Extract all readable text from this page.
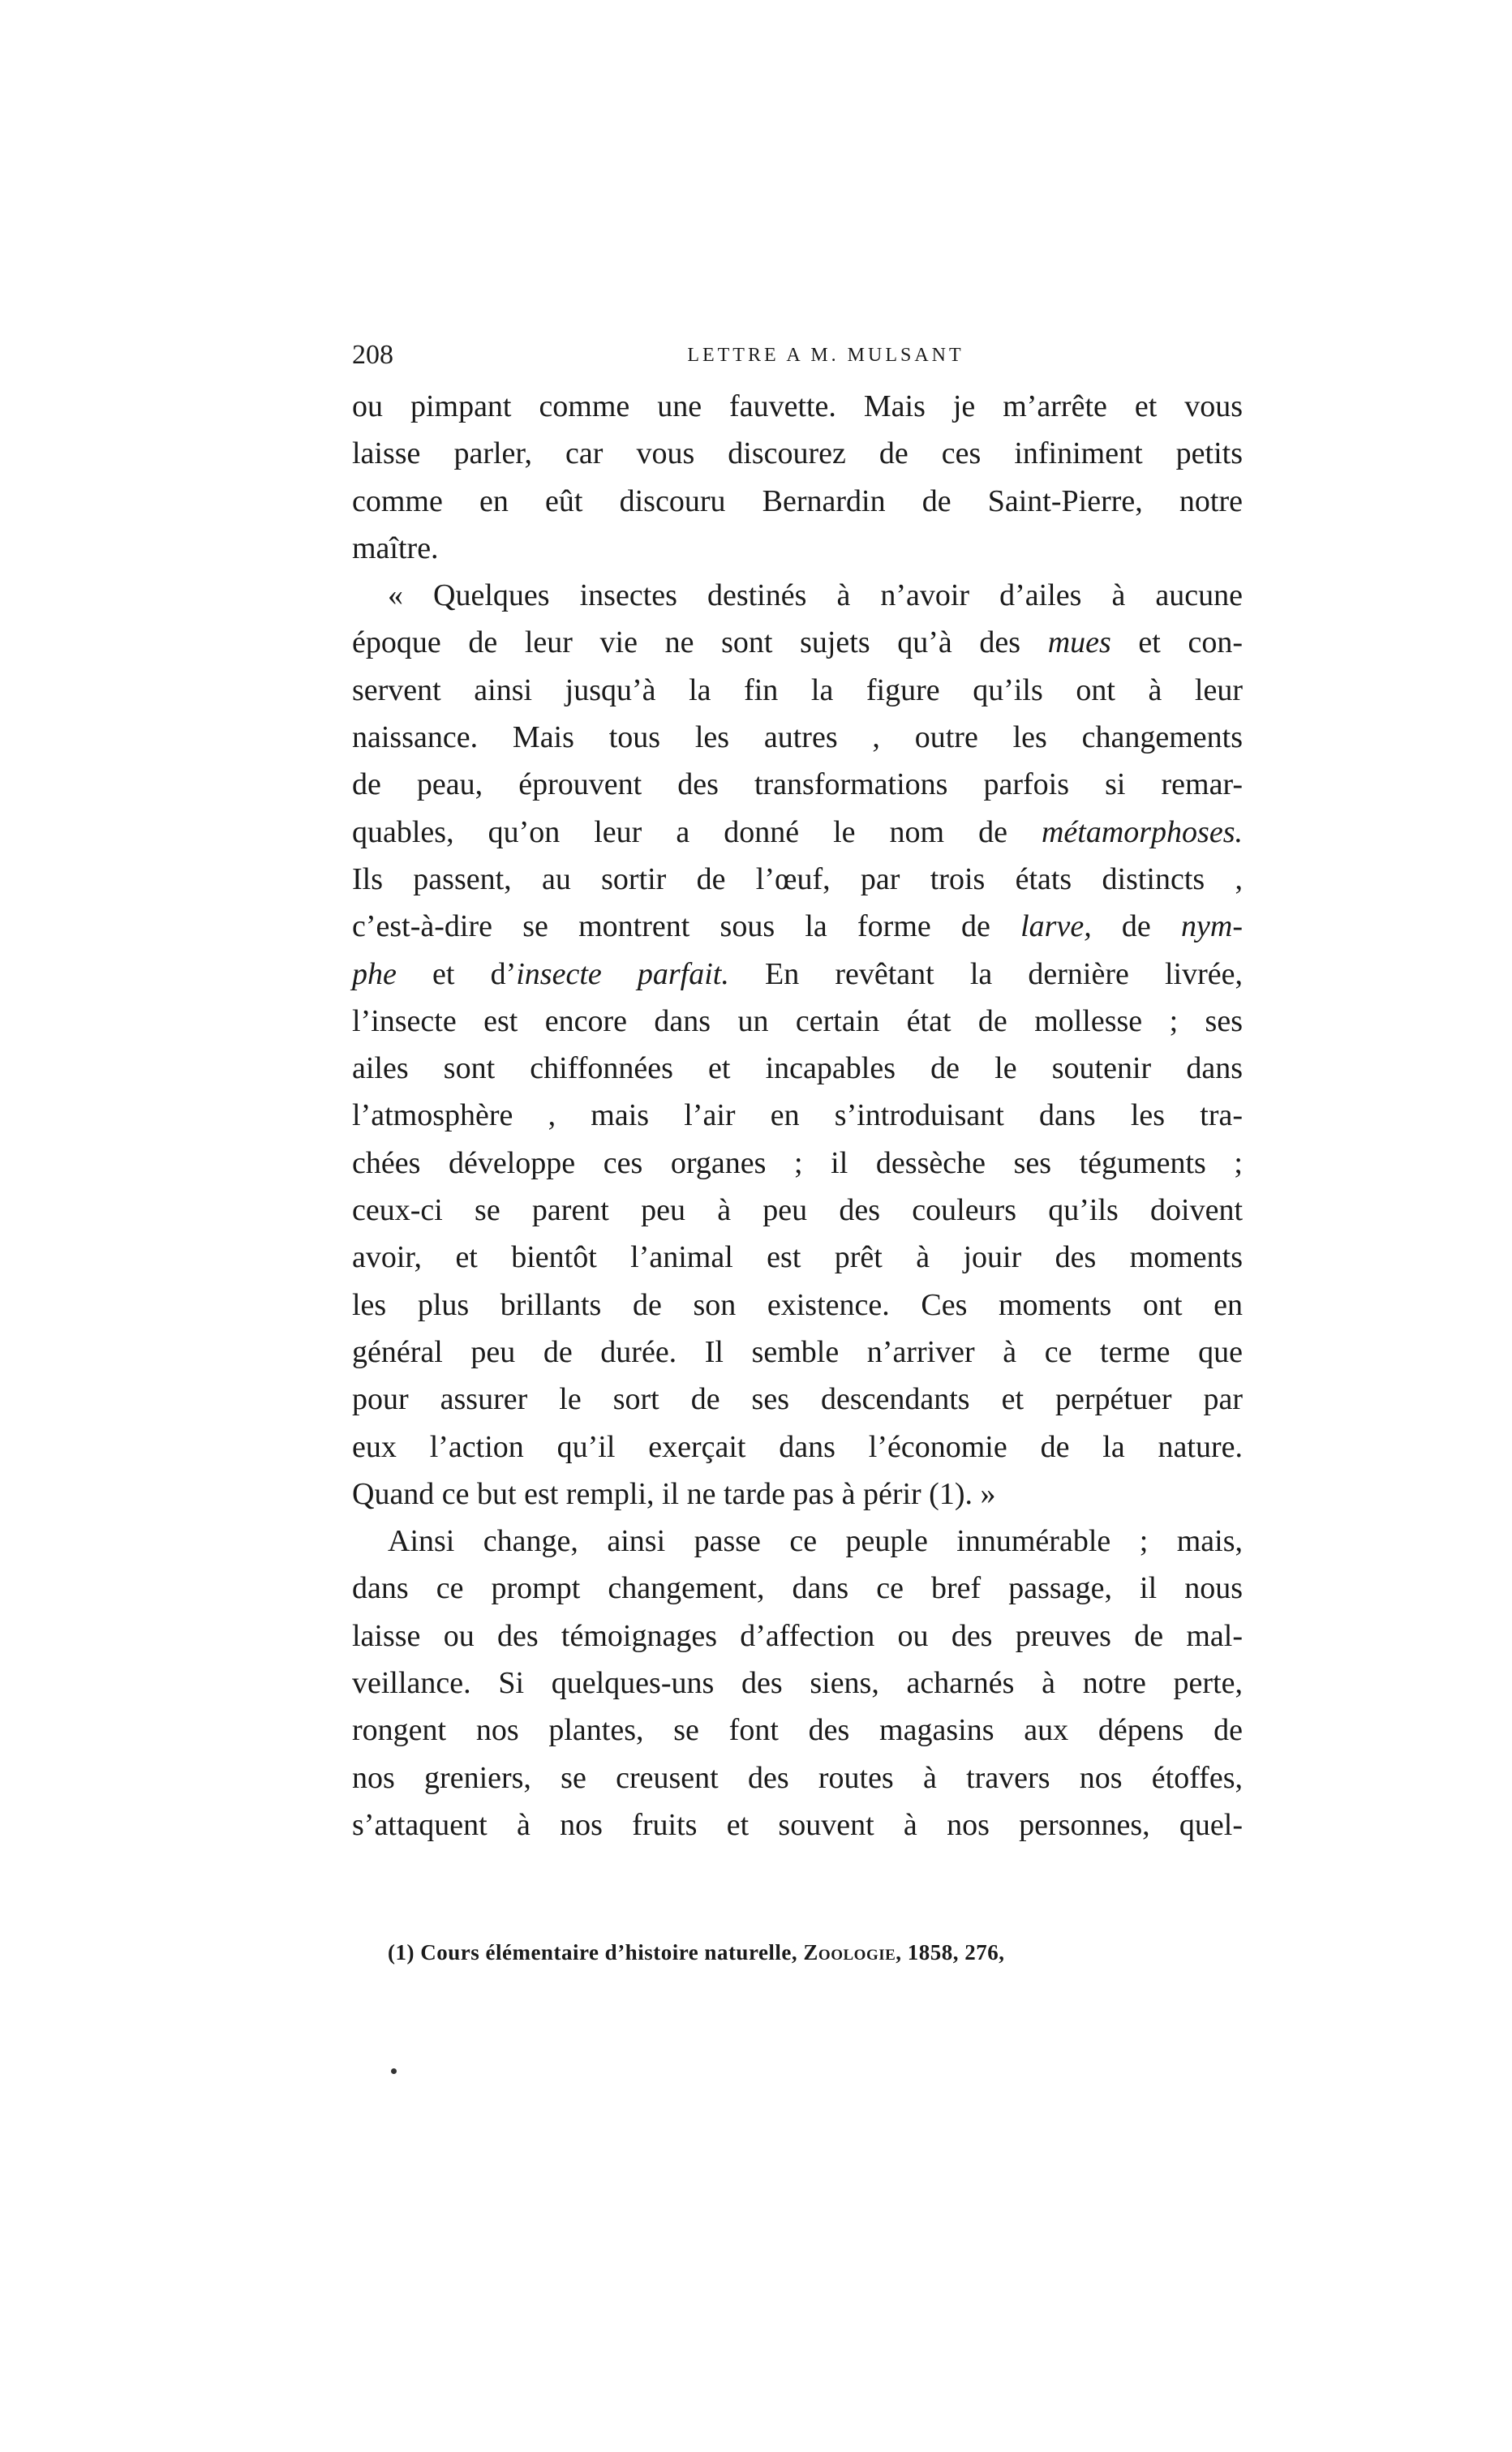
208	LETTRE A M. MULSANT

ou pimpant comme une fauvette. Mais je m’arrête et vous
laisse parler, car vous discourez de ces infiniment petits
comme en eût discouru Bernardin de Saint-Pierre, notre
maître.

« Quelques insectes destinés à n’avoir d’ailes à aucune
époque de leur vie ne sont sujets qu’à des mues et con-
servent ainsi jusqu’à la fin la figure qu’ils ont à leur
naissance. Mais tous les autres , outre les changements
de peau, éprouvent des transformations parfois si remar-
quables, qu’on leur a donné le nom de métamorphoses.
Ils passent, au sortir de l’œuf, par trois états distincts ,
c’est-à-dire se montrent sous la forme de larve, de nym-
phe et d’insecte parfait. En revêtant la dernière livrée,
l’insecte est encore dans un certain état de mollesse ; ses
ailes sont chiffonnées et incapables de le soutenir dans
l’atmosphère , mais l’air en s’introduisant dans les tra-
chées développe ces organes ; il dessèche ses téguments ;
ceux-ci se parent peu à peu des couleurs qu’ils doivent
avoir, et bientôt l’animal est prêt à jouir des moments
les plus brillants de son existence. Ces moments ont en
général peu de durée. Il semble n’arriver à ce terme que
pour assurer le sort de ses descendants et perpétuer par
eux l’action qu’il exerçait dans l’économie de la nature.
Quand ce but est rempli, il ne tarde pas à périr (1). »

Ainsi change, ainsi passe ce peuple innumérable ; mais,
dans ce prompt changement, dans ce bref passage, il nous
laisse ou des témoignages d’affection ou des preuves de mal-
veillance. Si quelques-uns des siens, acharnés à notre perte,
rongent nos plantes, se font des magasins aux dépens de
nos greniers, se creusent des routes à travers nos étoffes,
s’attaquent à nos fruits et souvent à nos personnes, quel-

(1) Cours élémentaire d’histoire naturelle, Zoologie, 1858, 276,
